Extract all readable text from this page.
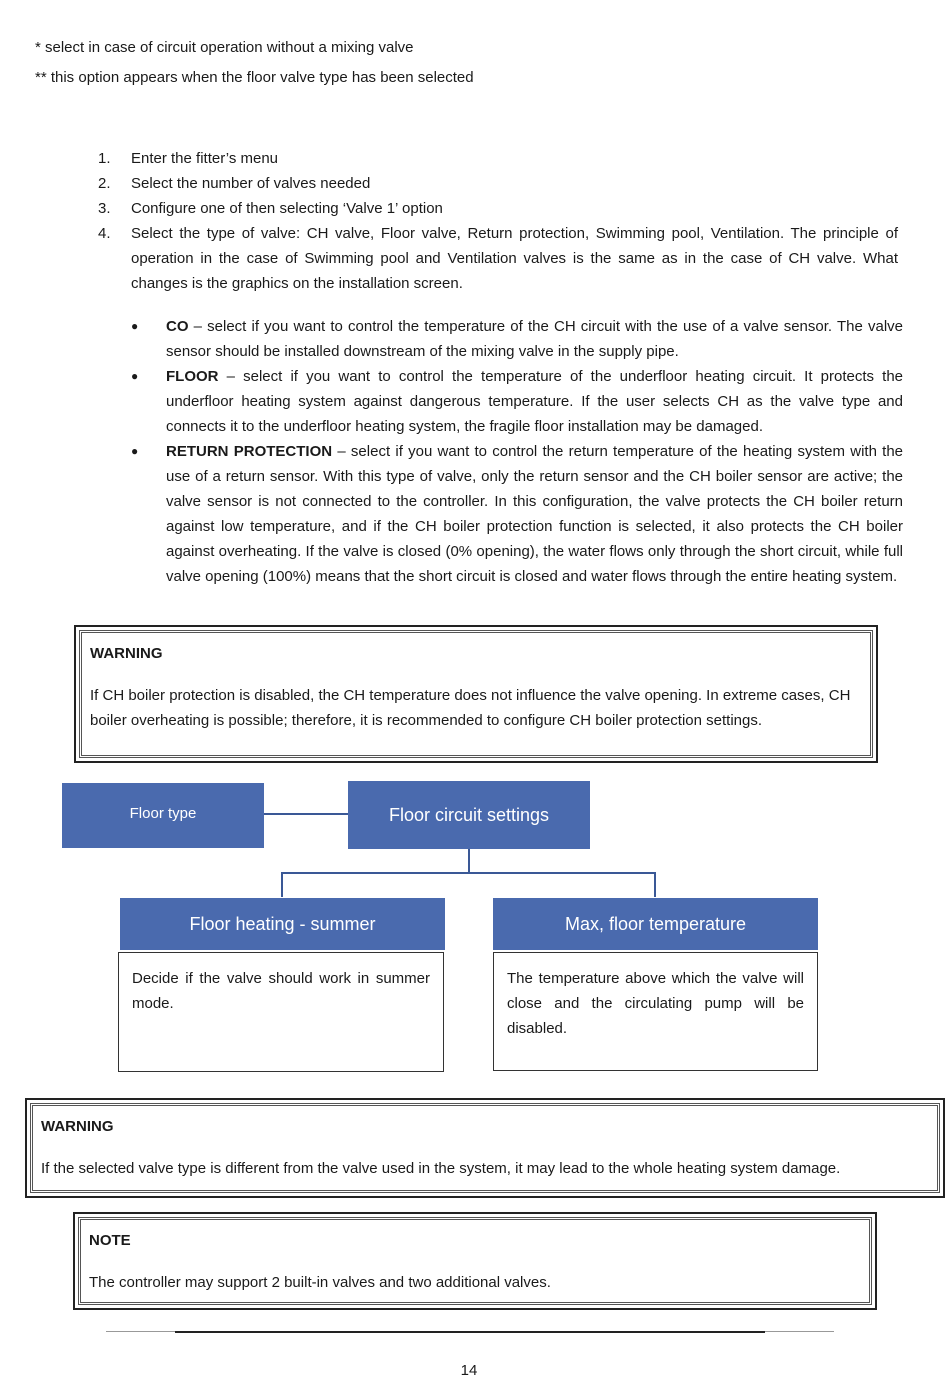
* select in case of circuit operation without a mixing valve
** this option appears when the floor valve type has been selected
1.	Enter the fitter’s menu
2.	Select the number of valves needed
3.	Configure one of then selecting ‘Valve 1’ option
4.	Select the type of valve: CH valve, Floor valve, Return protection, Swimming pool, Ventilation. The principle of operation in the case of Swimming pool and Ventilation valves is the same as in the case of CH valve. What changes is the graphics on the installation screen.
●	CO – select if you want to control the temperature of the CH circuit with the use of a valve sensor. The valve sensor should be installed downstream of the mixing valve in the supply pipe.
●	FLOOR – select if you want to control the temperature of the underfloor heating circuit. It protects the underfloor heating system against dangerous temperature. If the user selects CH as the valve type and connects it to the underfloor heating system, the fragile floor installation may be damaged.
●	RETURN PROTECTION – select if you want to control the return temperature of the heating system with the use of a return sensor. With this type of valve, only the return sensor and the CH boiler sensor are active; the valve sensor is not connected to the controller. In this configuration, the valve protects the CH boiler return against low temperature, and if the CH boiler protection function is selected, it also protects the CH boiler against overheating. If the valve is closed (0% opening), the water flows only through the short circuit, while full valve opening (100%) means that the short circuit is closed and water flows through the entire heating system.
WARNING
If CH boiler protection is disabled, the CH temperature does not influence the valve opening. In extreme cases, CH boiler overheating is possible; therefore, it is recommended to configure CH boiler protection settings.
Floor type	Floor circuit settings
Floor heating - summer
Decide if the valve should work in summer mode.
Max, floor temperature
The temperature above which the valve will close and the circulating pump will be disabled.
WARNING
If the selected valve type is different from the valve used in the system, it may lead to the whole heating system damage.
NOTE
The controller may support 2 built-in valves and two additional valves.
14
